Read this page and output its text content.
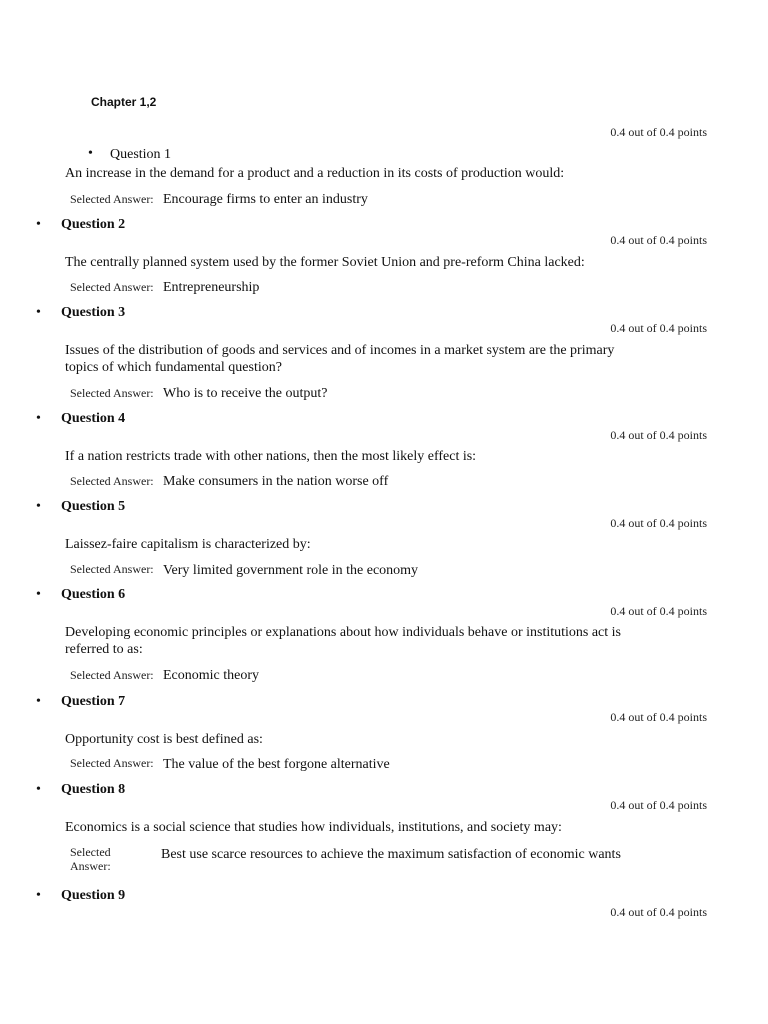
Chapter 1,2
0.4 out of 0.4 points
• Question 1
An increase in the demand for a product and a reduction in its costs of production would:
Selected Answer: Encourage firms to enter an industry
• Question 2
0.4 out of 0.4 points
The centrally planned system used by the former Soviet Union and pre-reform China lacked:
Selected Answer: Entrepreneurship
• Question 3
0.4 out of 0.4 points
Issues of the distribution of goods and services and of incomes in a market system are the primary topics of which fundamental question?
Selected Answer: Who is to receive the output?
• Question 4
0.4 out of 0.4 points
If a nation restricts trade with other nations, then the most likely effect is:
Selected Answer: Make consumers in the nation worse off
• Question 5
0.4 out of 0.4 points
Laissez-faire capitalism is characterized by:
Selected Answer: Very limited government role in the economy
• Question 6
0.4 out of 0.4 points
Developing economic principles or explanations about how individuals behave or institutions act is referred to as:
Selected Answer: Economic theory
• Question 7
0.4 out of 0.4 points
Opportunity cost is best defined as:
Selected Answer: The value of the best forgone alternative
• Question 8
0.4 out of 0.4 points
Economics is a social science that studies how individuals, institutions, and society may:
Selected
Answer:
Best use scarce resources to achieve the maximum satisfaction of economic wants
• Question 9
0.4 out of 0.4 points
